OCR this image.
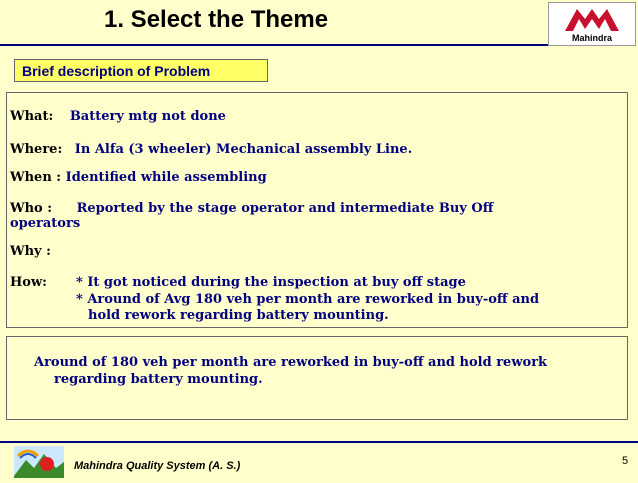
1. Select the Theme
Mahindra
Brief description of Problem
What: Battery mtg not done
Where: In Alfa (3 wheeler) Mechanical assembly Line.
When : Identified while assembling
Who : Reported by the stage operator and intermediate Buy Off
operators
Why :
How: * It got noticed during the inspection at buy off stage
* Around of Avg 180 veh per month are reworked in buy-off and
hold rework regarding battery mounting.
Around of 180 veh per month are reworked in buy-off and hold rework
regarding battery mounting.
Mahindra Quality System (A. S.)	5
